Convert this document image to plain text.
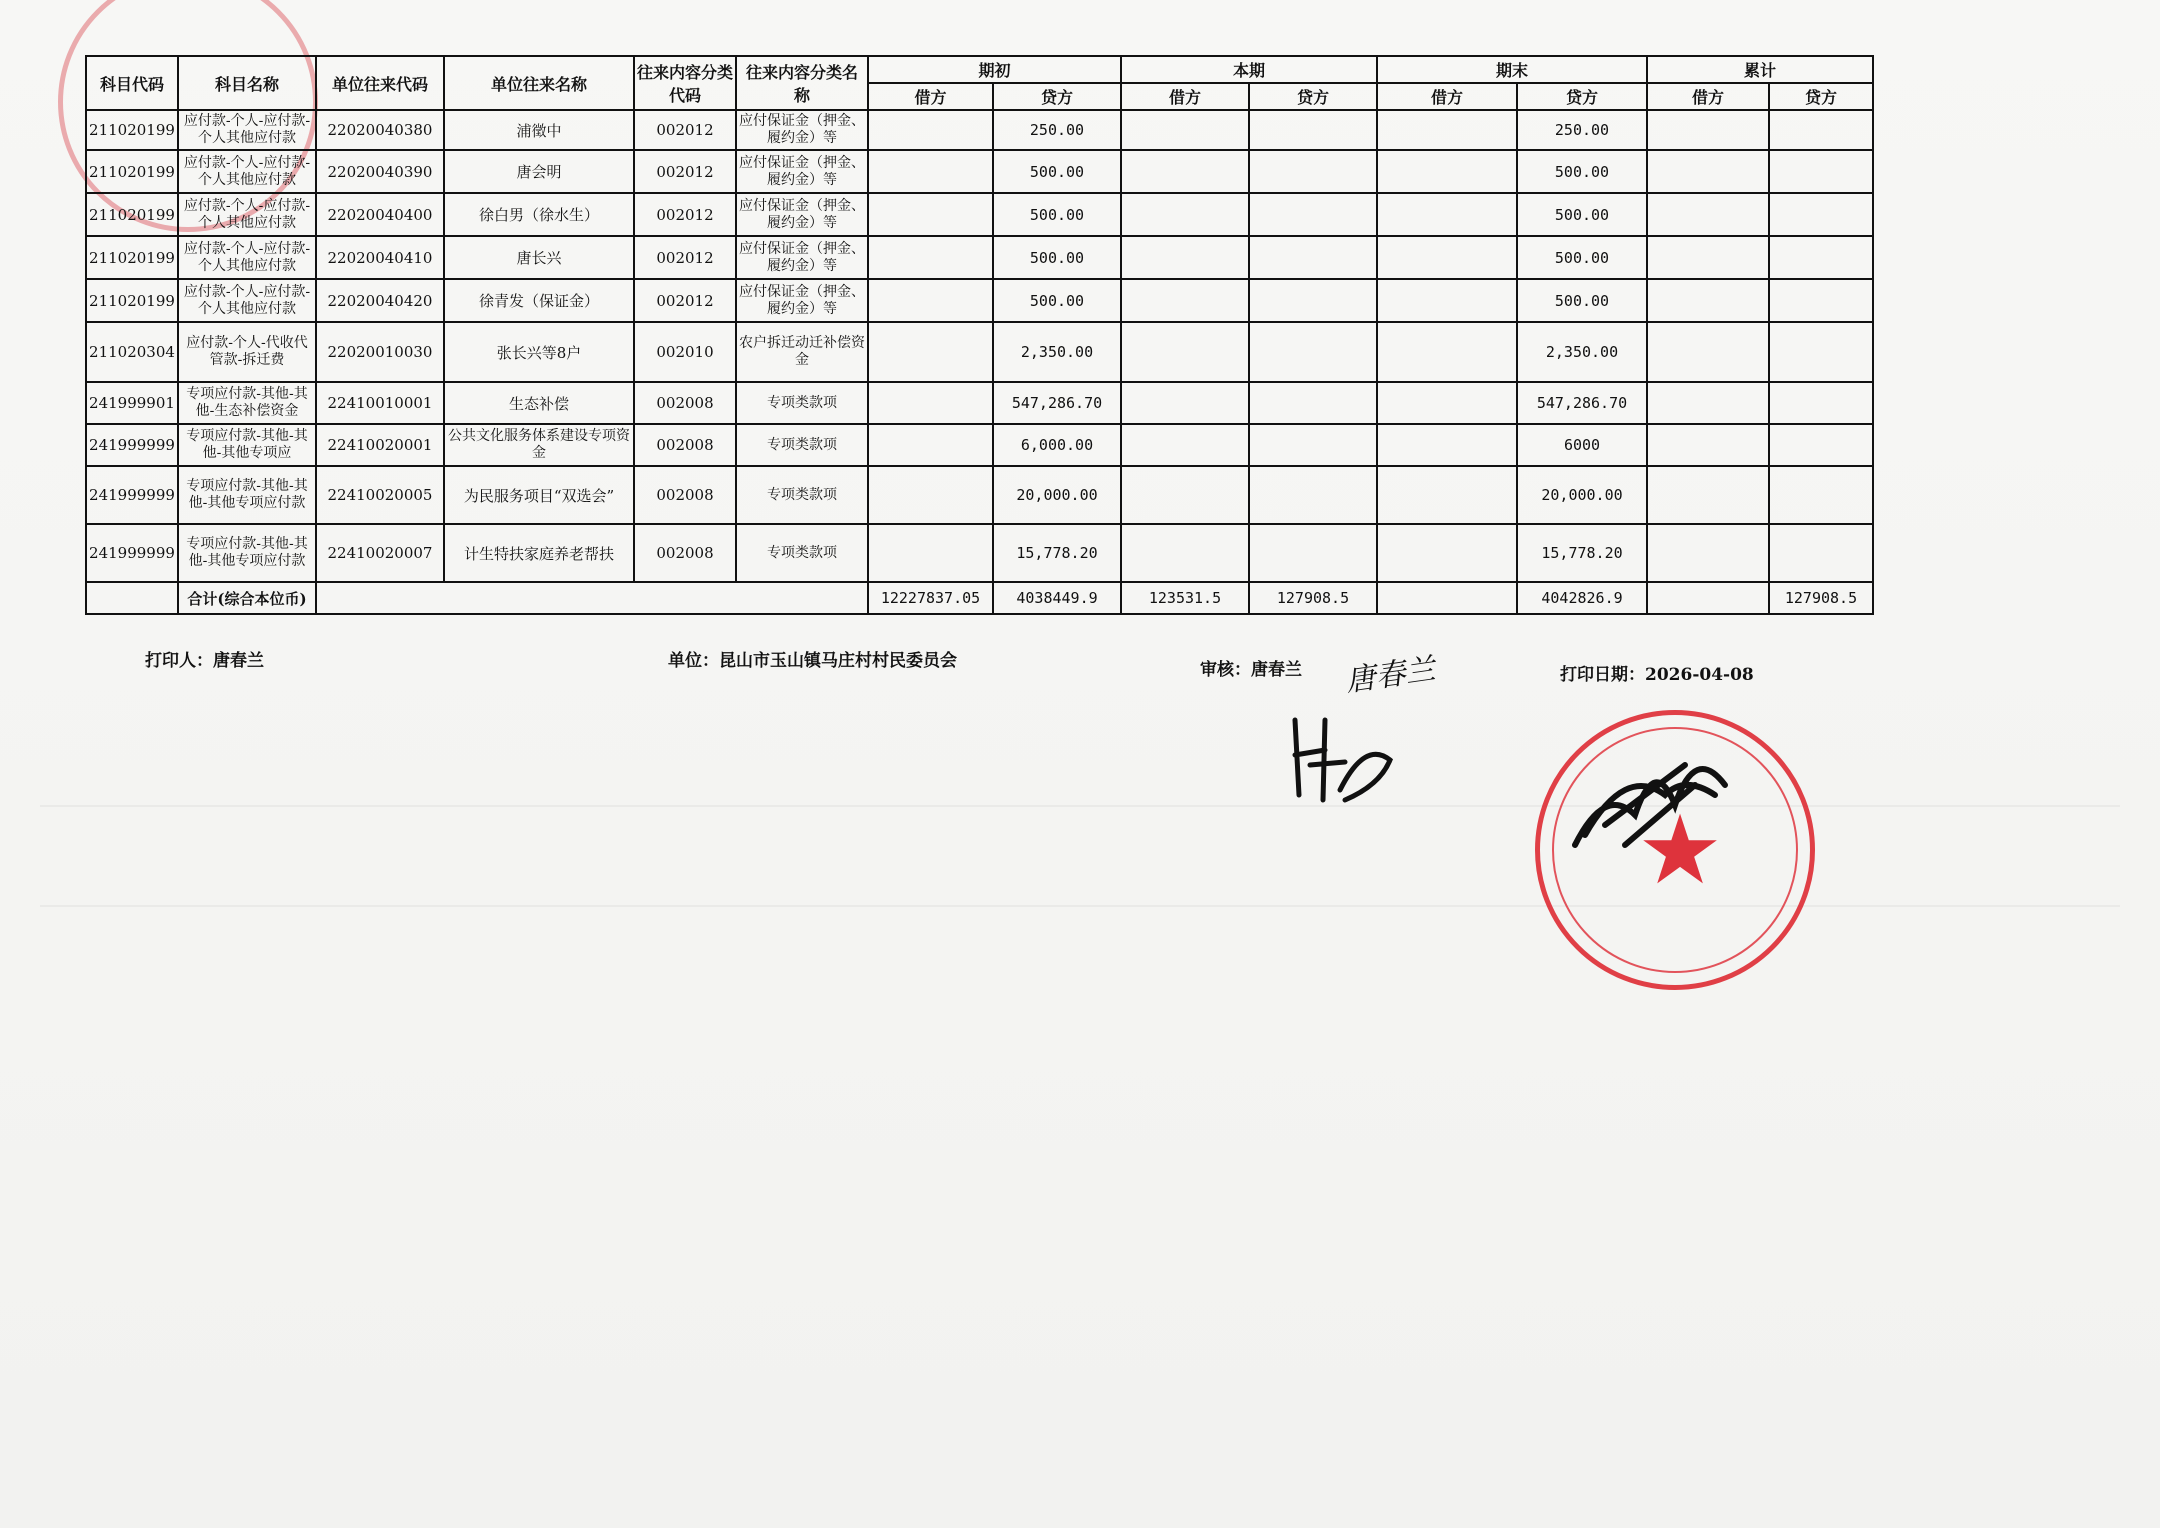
科目代码	科目名称	单位往来代码	单位往来名称	往来内容分类代码	往来内容分类名称	期初		本期		期末		累计	
						借方	贷方	借方	贷方	借方	贷方	借方	贷方
211020199	应付款-个人-应付款-个人其他应付款	22020040380	浦徵中	002012	应付保证金（押金、履约金）等		250.00				250.00		
211020199	应付款-个人-应付款-个人其他应付款	22020040390	唐会明	002012	应付保证金（押金、履约金）等		500.00				500.00		
211020199	应付款-个人-应付款-个人其他应付款	22020040400	徐白男（徐水生）	002012	应付保证金（押金、履约金）等		500.00				500.00		
211020199	应付款-个人-应付款-个人其他应付款	22020040410	唐长兴	002012	应付保证金（押金、履约金）等		500.00				500.00		
211020199	应付款-个人-应付款-个人其他应付款	22020040420	徐青发（保证金）	002012	应付保证金（押金、履约金）等		500.00				500.00		
211020304	应付款-个人-代收代管款-拆迁费	22020010030	张长兴等8户	002010	农户拆迁动迁补偿资金		2,350.00				2,350.00		
241999901	专项应付款-其他-其他-生态补偿资金	22410010001	生态补偿	002008	专项类款项		547,286.70				547,286.70		
241999999	专项应付款-其他-其他-其他专项应	22410020001	公共文化服务体系建设专项资金	002008	专项类款项		6,000.00				6000		
241999999	专项应付款-其他-其他-其他专项应付款	22410020005	为民服务项目“双选会”	002008	专项类款项		20,000.00				20,000.00		
241999999	专项应付款-其他-其他-其他专项应付款	22410020007	计生特扶家庭养老帮扶	002008	专项类款项		15,778.20				15,778.20		
	合计(综合本位币)					12227837.05	4038449.9	123531.5	127908.5		4042826.9		127908.5
打印人：唐春兰	单位：昆山市玉山镇马庄村村民委员会	审核：唐春兰	打印日期：2026-04-08
唐春兰
★
